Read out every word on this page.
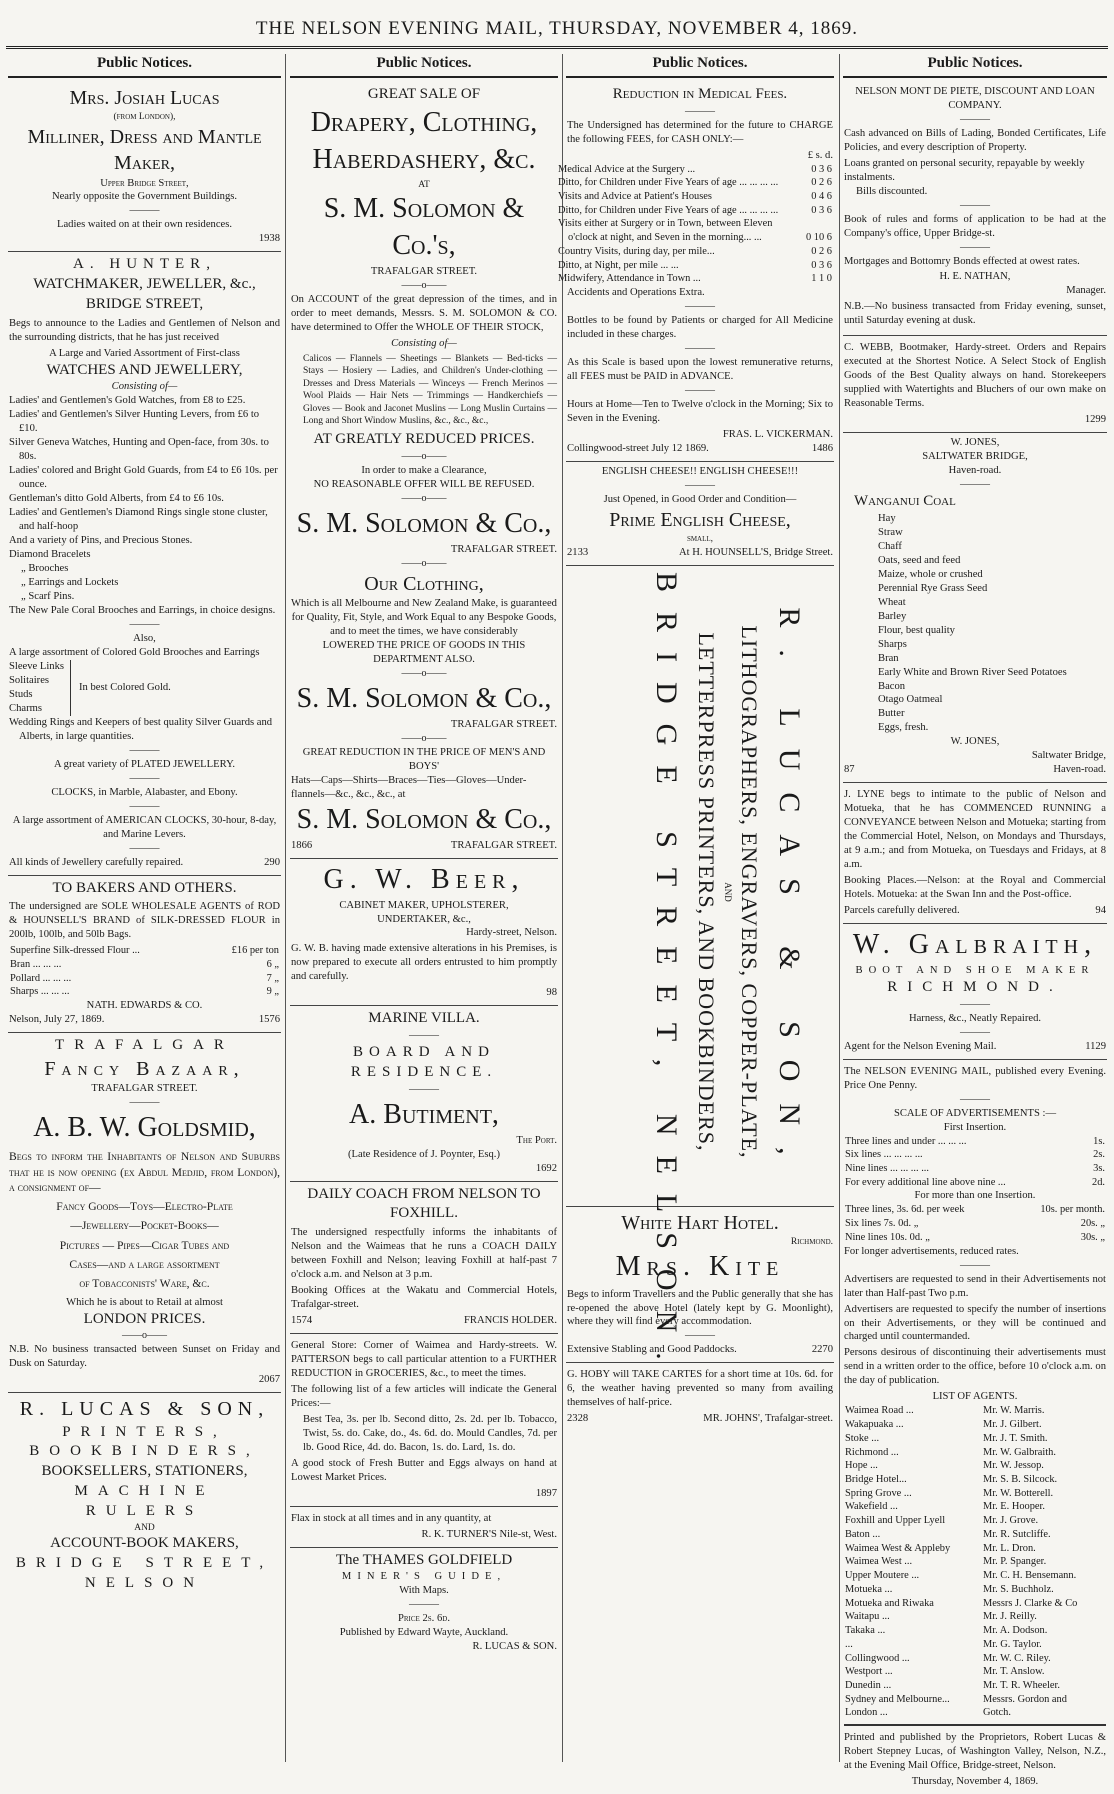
THE NELSON EVENING MAIL, THURSDAY, NOVEMBER 4, 1869.
Public Notices.
Mrs. Josiah Lucas
(from London),
Milliner, Dress and Mantle Maker,
Upper Bridge Street,
Nearly opposite the Government Buildings.
———
Ladies waited on at their own residences.
1938
A. HUNTER,
WATCHMAKER, JEWELLER, &c.,
BRIDGE STREET,

Begs to announce to the Ladies and Gentlemen of Nelson and the surrounding districts, that he has just received

A Large and Varied Assortment of First-class
WATCHES AND JEWELLERY,
Consisting of—
Ladies' and Gentlemen's Gold Watches, from £8 to £25.
Ladies' and Gentlemen's Silver Hunting Levers, from £6 to £10.
Silver Geneva Watches, Hunting and Open-face, from 30s. to 80s.
Ladies' colored and Bright Gold Guards, from £4 to £6 10s. per ounce.
Gentleman's ditto Gold Alberts, from £4 to £6 10s.
Ladies' and Gentlemen's Diamond Rings single stone cluster, and half-hoop
And a variety of Pins, and Precious Stones.
Diamond Bracelets
„ Brooches
„ Earrings and Lockets
„ Scarf Pins.
The New Pale Coral Brooches and Earrings, in choice designs.
———
Also,
A large assortment of Colored Gold Brooches and Earrings
Sleeve Links
Solitaires
Studs
Charms
In best Colored Gold.
Wedding Rings and Keepers of best quality Silver Guards and Alberts, in large quantities.
———
A great variety of PLATED JEWELLERY.
———
CLOCKS, in Marble, Alabaster, and Ebony.
———
A large assortment of AMERICAN CLOCKS, 30-hour, 8-day, and Marine Levers.
———
All kinds of Jewellery carefully repaired.	290
TO BAKERS AND OTHERS.

The undersigned are SOLE WHOLESALE AGENTS of ROD & HOUNSELL'S BRAND of SILK-DRESSED FLOUR in 200lb, 100lb, and 50lb Bags.

Superfine Silk-dressed Flour ...	£16 per ton
Bran ... ... ...	6 „
Pollard ... ... ...	7 „
Sharps ... ... ...	9 „
NATH. EDWARDS & CO.
Nelson, July 27, 1869.	1576
TRAFALGAR
Fancy Bazaar,
TRAFALGAR STREET.
———
A. B. W. Goldsmid,

Begs to inform the Inhabitants of Nelson and Suburbs that he is now opening (ex Abdul Medjid, from London), a consignment of—

Fancy Goods—Toys—Electro-Plate
—Jewellery—Pocket-Books—
Pictures — Pipes—Cigar Tubes and
Cases—and a large assortment
of Tobacconists' Ware, &c.
Which he is about to Retail at almost
LONDON PRICES.
——o——

N.B. No business transacted between Sunset on Friday and Dusk on Saturday.

2067
R. LUCAS & SON,
PRINTERS,
BOOKBINDERS,
BOOKSELLERS, STATIONERS,
MACHINE RULERS
AND
ACCOUNT-BOOK MAKERS,
BRIDGE STREET,
NELSON
Public Notices.
GREAT SALE OF
Drapery, Clothing,
Haberdashery, &c.
AT
S. M. Solomon & Co.'s,
TRAFALGAR STREET.
——o——

On ACCOUNT of the great depression of the times, and in order to meet demands, Messrs. S. M. SOLOMON & CO. have determined to Offer the WHOLE OF THEIR STOCK,

Consisting of—

Calicos — Flannels — Sheetings — Blankets — Bed-ticks — Stays — Hosiery — Ladies, and Children's Under-clothing — Dresses and Dress Materials — Winceys — French Merinos — Wool Plaids — Hair Nets — Trimmings — Handkerchiefs — Gloves — Book and Jaconet Muslins — Long Muslin Curtains — Long and Short Window Muslins, &c., &c., &c.,

AT GREATLY REDUCED PRICES.
——o——
In order to make a Clearance,
NO REASONABLE OFFER WILL BE REFUSED.
——o——
S. M. Solomon & Co.,
TRAFALGAR STREET.
——o——
Our Clothing,
Which is all Melbourne and New Zealand Make, is guaranteed for Quality, Fit, Style, and Work Equal to any Bespoke Goods, and to meet the times, we have considerably
LOWERED THE PRICE OF GOODS IN THIS DEPARTMENT ALSO.
——o——
S. M. Solomon & Co.,
TRAFALGAR STREET.
——o——
GREAT REDUCTION IN THE PRICE OF MEN'S AND BOYS'
Hats—Caps—Shirts—Braces—Ties—Gloves—Under-flannels—&c., &c., &c., at
S. M. Solomon & Co.,
1866	TRAFALGAR STREET.
G. W. Beer,
CABINET MAKER, UPHOLSTERER,
UNDERTAKER, &c.,
Hardy-street, Nelson.

G. W. B. having made extensive alterations in his Premises, is now prepared to execute all orders entrusted to him promptly and carefully.

98
MARINE VILLA.
———
BOARD AND RESIDENCE.
———
A. Butiment,
The Port.
(Late Residence of J. Poynter, Esq.)
1692
DAILY COACH FROM NELSON TO FOXHILL.

The undersigned respectfully informs the inhabitants of Nelson and the Waimeas that he runs a COACH DAILY between Foxhill and Nelson; leaving Foxhill at half-past 7 o'clock a.m. and Nelson at 3 p.m.

Booking Offices at the Wakatu and Commercial Hotels, Trafalgar-street.

1574	FRANCIS HOLDER.

General Store: Corner of Waimea and Hardy-streets. W. PATTERSON begs to call particular attention to a FURTHER REDUCTION in GROCERIES, &c., to meet the times.

The following list of a few articles will indicate the General Prices:—

Best Tea, 3s. per lb. Second ditto, 2s. 2d. per lb. Tobacco, Twist, 5s. do. Cake, do., 4s. 6d. do. Mould Candles, 7d. per lb. Good Rice, 4d. do. Bacon, 1s. do. Lard, 1s. do.

A good stock of Fresh Butter and Eggs always on hand at Lowest Market Prices.

1897

Flax in stock at all times and in any quantity, at

R. K. TURNER'S Nile-st, West.
The THAMES GOLDFIELD
MINER'S GUIDE,
With Maps.
———
Price 2s. 6d.
Published by Edward Wayte, Auckland.
R. LUCAS & SON.
Public Notices.
Reduction in Medical Fees.
———

The Undersigned has determined for the future to CHARGE the following FEES, for CASH ONLY:—

£ s. d.
Medical Advice at the Surgery ...	0 3 6
Ditto, for Children under Five Years of age ... ... ... ...	0 2 6
Visits and Advice at Patient's Houses	0 4 6
Ditto, for Children under Five Years of age ... ... ... ...	0 3 6
Visits either at Surgery or in Town, between Eleven o'clock at night, and Seven in the morning... ...	0 10 6
Country Visits, during day, per mile...	0 2 6
Ditto, at Night, per mile ... ...	0 3 6
Midwifery, Attendance in Town ...	1 1 0
Accidents and Operations Extra.
———

Bottles to be found by Patients or charged for All Medicine included in these charges.

———

As this Scale is based upon the lowest remunerative returns, all FEES must be PAID in ADVANCE.

———

Hours at Home—Ten to Twelve o'clock in the Morning; Six to Seven in the Evening.

FRAS. L. VICKERMAN.
Collingwood-street July 12 1869.	1486
ENGLISH CHEESE!! ENGLISH CHEESE!!!
———
Just Opened, in Good Order and Condition—
Prime English Cheese,
small,
2133	At H. HOUNSELL'S, Bridge Street.
R. LUCAS & SON,
LITHOGRAPHERS, ENGRAVERS, COPPER-PLATE,
AND
LETTERPRESS PRINTERS, AND BOOKBINDERS,
BRIDGE STREET, NELSON.
White Hart Hotel.
Richmond.
Mrs. Kite

Begs to inform Travellers and the Public generally that she has re-opened the above Hotel (lately kept by G. Moonlight), where they will find every accommodation.

———
Extensive Stabling and Good Paddocks.	2270

G. HOBY will TAKE CARTES for a short time at 10s. 6d. for 6, the weather having prevented so many from availing themselves of half-price.

2328	MR. JOHNS', Trafalgar-street.
Public Notices.
NELSON MONT DE PIETE, DISCOUNT AND LOAN COMPANY.
———

Cash advanced on Bills of Lading, Bonded Certificates, Life Policies, and every description of Property.

Loans granted on personal security, repayable by weekly instalments.
Bills discounted.
———

Book of rules and forms of application to be had at the Company's office, Upper Bridge-st.

———

Mortgages and Bottomry Bonds effected at owest rates.

H. E. NATHAN,
Manager.

N.B.—No business transacted from Friday evening, sunset, until Saturday evening at dusk.

C. WEBB, Bootmaker, Hardy-street. Orders and Repairs executed at the Shortest Notice. A Select Stock of English Goods of the Best Quality always on hand. Storekeepers supplied with Watertights and Bluchers of our own make on Reasonable Terms.

1299
W. JONES,
SALTWATER BRIDGE,
Haven-road.
———
Wanganui Coal
Hay
Straw
Chaff
Oats, seed and feed
Maize, whole or crushed
Perennial Rye Grass Seed
Wheat
Barley
Flour, best quality
Sharps
Bran
Early White and Brown River Seed Potatoes
Bacon
Otago Oatmeal
Butter
Eggs, fresh.
W. JONES,
Saltwater Bridge,
87	Haven-road.

J. LYNE begs to intimate to the public of Nelson and Motueka, that he has COMMENCED RUNNING a CONVEYANCE between Nelson and Motueka; starting from the Commercial Hotel, Nelson, on Mondays and Thursdays, at 9 a.m.; and from Motueka, on Tuesdays and Fridays, at 8 a.m.

Booking Places.—Nelson: at the Royal and Commercial Hotels. Motueka: at the Swan Inn and the Post-office.

Parcels carefully delivered.	94
W. Galbraith,
BOOT AND SHOE MAKER
RICHMOND.
———
Harness, &c., Neatly Repaired.
———
Agent for the Nelson Evening Mail.	1129

The NELSON EVENING MAIL, published every Evening. Price One Penny.

———
SCALE OF ADVERTISEMENTS :—
First Insertion.
Three lines and under ... ... ...	1s.
Six lines ... ... ... ...	2s.
Nine lines ... ... ... ...	3s.
For every additional line above nine ...	2d.
For more than one Insertion.
Three lines, 3s. 6d. per week	10s. per month.
Six lines 7s. 0d. „	20s. „
Nine lines 10s. 0d. „	30s. „
For longer advertisements, reduced rates.
———

Advertisers are requested to send in their Advertisements not later than Half-past Two p.m.

Advertisers are requested to specify the number of insertions on their Advertisements, or they will be continued and charged until countermanded.

Persons desirous of discontinuing their advertisements must send in a written order to the office, before 10 o'clock a.m. on the day of publication.

LIST OF AGENTS.
Waimea Road ...	Mr. W. Marris.
Wakapuaka ...	Mr. J. Gilbert.
Stoke ...	Mr. J. T. Smith.
Richmond ...	Mr. W. Galbraith.
Hope ...	Mr. W. Jessop.
Bridge Hotel...	Mr. S. B. Silcock.
Spring Grove ...	Mr. W. Botterell.
Wakefield ...	Mr. E. Hooper.
Foxhill and Upper Lyell	Mr. J. Grove.
Baton ...	Mr. R. Sutcliffe.
Waimea West & Appleby	Mr. L. Dron.
Waimea West ...	Mr. P. Spanger.
Upper Moutere ...	Mr. C. H. Bensemann.
Motueka ...	Mr. S. Buchholz.
Motueka and Riwaka	Messrs J. Clarke & Co
Waitapu ...	Mr. J. Reilly.
Takaka ...	Mr. A. Dodson.
...	Mr. G. Taylor.
Collingwood ...	Mr. W. C. Riley.
Westport ...	Mr. T. Anslow.
Dunedin ...	Mr. T. R. Wheeler.
Sydney and Melbourne...	Messrs. Gordon and
London ...	Gotch.

Printed and published by the Proprietors, Robert Lucas & Robert Stepney Lucas, of Washington Valley, Nelson, N.Z., at the Evening Mail Office, Bridge-street, Nelson.

Thursday, November 4, 1869.
